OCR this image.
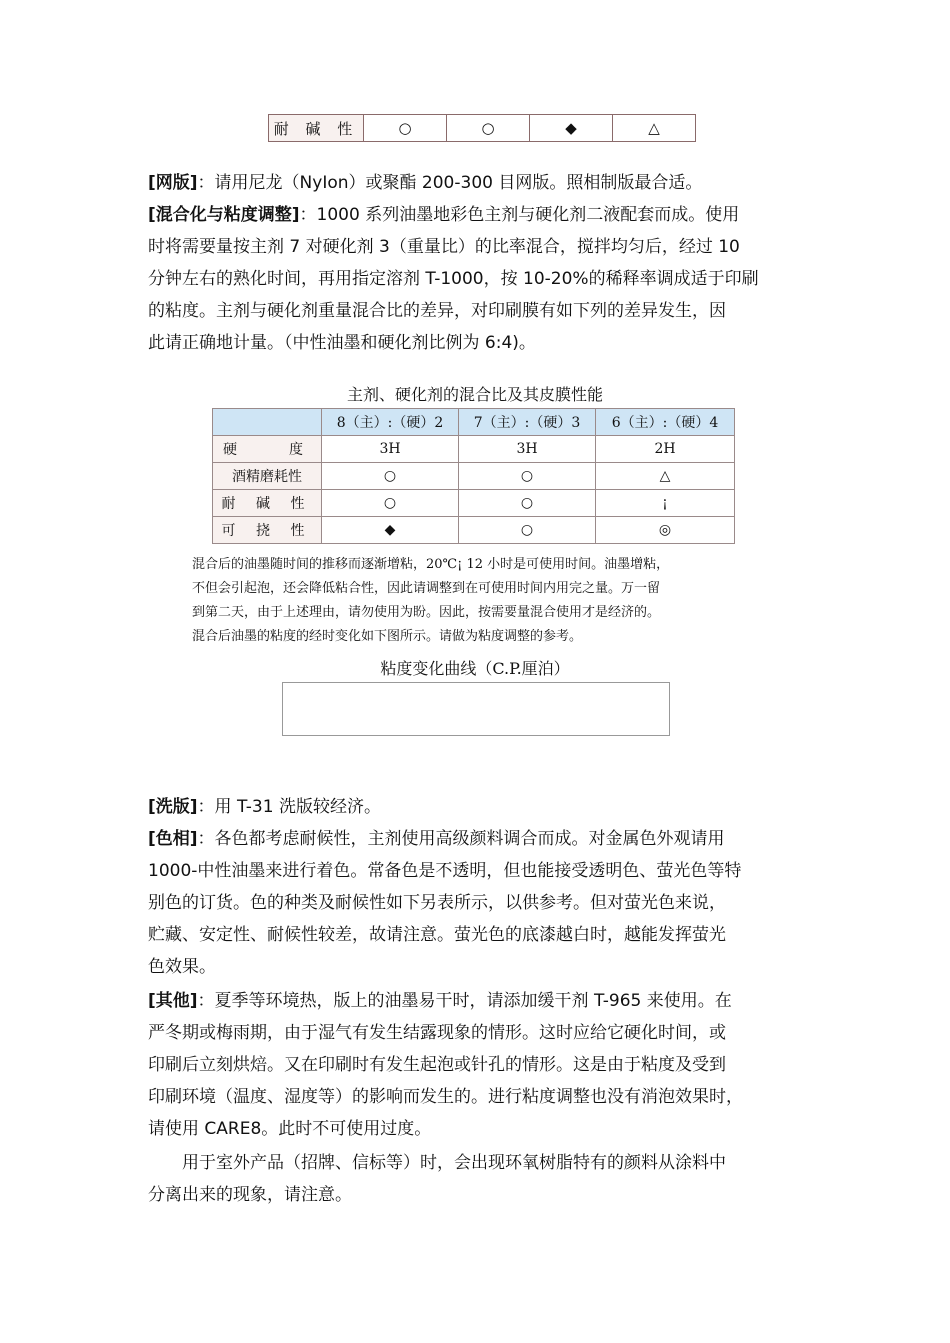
耐 碱 性	○	○	◆	△

[网版]：请用尼龙（NyIon）或聚酯 200-300 目网版。照相制版最合适。

[混合化与粘度调整]：1000 系列油墨地彩色主剂与硬化剂二液配套而成。使用
时将需要量按主剂 7 对硬化剂 3（重量比）的比率混合，搅拌均匀后，经过 10
分钟左右的熟化时间，再用指定溶剂 T-1000，按 10-20%的稀释率调成适于印刷
的粘度。主剂与硬化剂重量混合比的差异，对印刷膜有如下列的差异发生，因
此请正确地计量。（中性油墨和硬化剂比例为 6:4)。
主剂、硬化剂的混合比及其皮膜性能
	8（主）:（硬）2	7（主）:（硬）3	6（主）:（硬）4
硬　　度	3H	3H	2H
酒精磨耗性	○	○	△
耐 碱 性	○	○	¡
可 挠 性	◆	○	◎
混合后的油墨随时间的推移而逐渐增粘，20℃¡ 12 小时是可使用时间。油墨增粘，
不但会引起泡，还会降低粘合性，因此请调整到在可使用时间内用完之量。万一留
到第二天，由于上述理由，请勿使用为盼。因此，按需要量混合使用才是经济的。
混合后油墨的粘度的经时变化如下图所示。请做为粘度调整的参考。
粘度变化曲线（C.P.厘泊）

[洗版]：用 T-31 洗版较经济。

[色相]：各色都考虑耐候性，主剂使用高级颜料调合而成。对金属色外观请用
1000-中性油墨来进行着色。常备色是不透明，但也能接受透明色、萤光色等特
别色的订货。色的种类及耐候性如下另表所示，以供参考。但对萤光色来说，
贮藏、安定性、耐候性较差，故请注意。萤光色的底漆越白时，越能发挥萤光
色效果。
[其他]：夏季等环境热，版上的油墨易干时，请添加缓干剂 T-965 来使用。在
严冬期或梅雨期，由于湿气有发生结露现象的情形。这时应给它硬化时间，或
印刷后立刻烘焙。又在印刷时有发生起泡或针孔的情形。这是由于粘度及受到
印刷环境（温度、湿度等）的影响而发生的。进行粘度调整也没有消泡效果时，
请使用 CARE8。此时不可使用过度。
　　用于室外产品（招牌、信标等）时，会出现环氧树脂特有的颜料从涂料中
分离出来的现象，请注意。
